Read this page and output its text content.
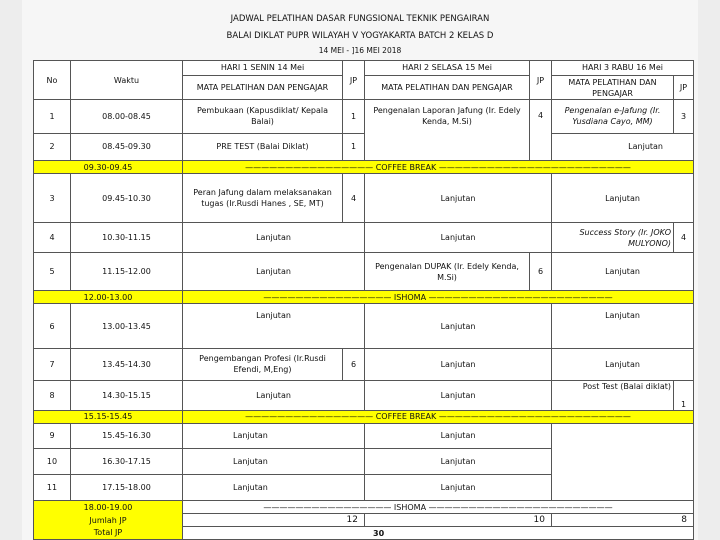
JADWAL PELATIHAN DASAR FUNGSIONAL TEKNIK PENGAIRAN
BALAI DIKLAT PUPR WILAYAH V YOGYAKARTA BATCH 2 KELAS D
14 MEI - ]16 MEI 2018
No	Waktu	HARI 1 SENIN 14 Mei	JP	HARI 2 SELASA 15 Mei	JP	HARI 3 RABU 16 Mei	
		MATA PELATIHAN DAN PENGAJAR		MATA PELATIHAN DAN PENGAJAR		MATA PELATIHAN DAN PENGAJAR	JP
1	08.00-08.45	Pembukaan (Kapusdiklat/ Kepala Balai)	1	Pengenalan Laporan Jafung (Ir. Edely Kenda, M.Si)	4	Pengenalan e-Jafung (Ir. Yusdiana Cayo, MM)	3
2	08.45-09.30	PRE TEST (Balai Diklat)	1			Lanjutan	
09.30-09.45		———————————————— COFFEE BREAK ————————————————————————					
3	09.45-10.30	Peran Jafung dalam melaksanakan tugas (Ir.Rusdi Hanes , SE, MT)	4	Lanjutan		Lanjutan	
4	10.30-11.15	Lanjutan		Lanjutan		Success Story (Ir. JOKO MULYONO)	4
5	11.15-12.00	Lanjutan		Pengenalan DUPAK (Ir. Edely Kenda, M.Si)	6	Lanjutan	
12.00-13.00		———————————————— ISHOMA ———————————————————————					
6	13.00-13.45	Lanjutan		Lanjutan		Lanjutan	
7	13.45-14.30	Pengembangan Profesi (Ir.Rusdi Efendi, M,Eng)	6	Lanjutan		Lanjutan	
8	14.30-15.15	Lanjutan		Lanjutan		Post Test (Balai diklat)	1
15.15-15.45		———————————————— COFFEE BREAK ————————————————————————					
9	15.45-16.30	Lanjutan		Lanjutan			
10	16.30-17.15	Lanjutan		Lanjutan			
11	17.15-18.00	Lanjutan		Lanjutan			
18.00-19.00		———————————————— ISHOMA ———————————————————————					
Jumlah JP		12		10		8	
Total JP		30					
